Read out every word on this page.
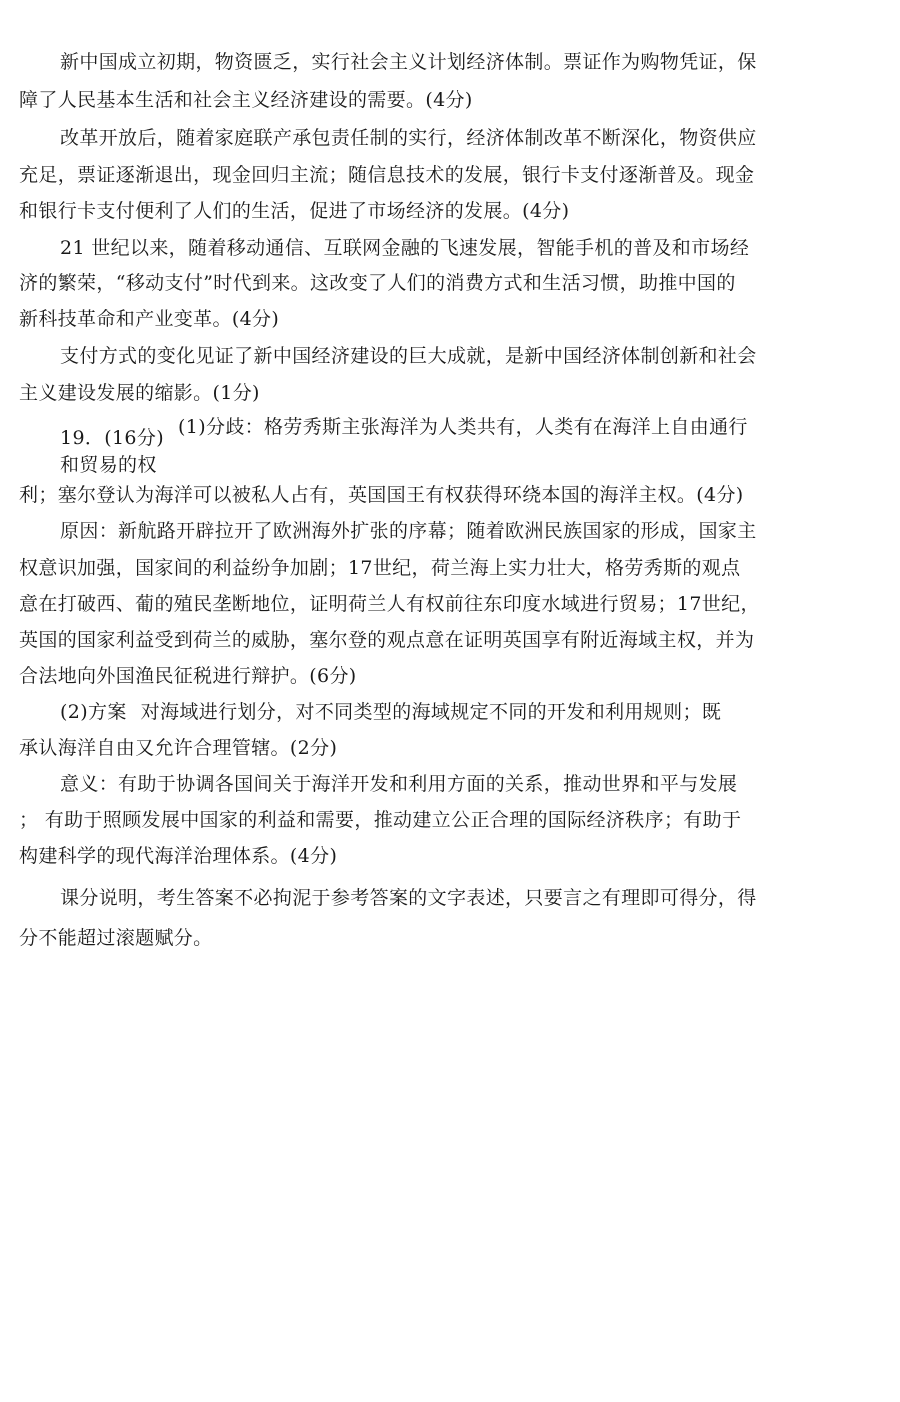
新中国成立初期，物资匮乏，实行社会主义计划经济体制。票证作为购物凭证，保
障了人民基本生活和社会主义经济建设的需要。(4分)
改革开放后，随着家庭联产承包责任制的实行，经济体制改革不断深化，物资供应
充足，票证逐渐退出，现金回归主流；随信息技术的发展，银行卡支付逐渐普及。现金
和银行卡支付便利了人们的生活，促进了市场经济的发展。(4分)
21 世纪以来，随着移动通信、互联网金融的飞速发展，智能手机的普及和市场经
济的繁荣，“移动支付”时代到来。这改变了人们的消费方式和生活习惯，助推中国的
新科技革命和产业变革。(4分)
支付方式的变化见证了新中国经济建设的巨大成就，是新中国经济体制创新和社会
主义建设发展的缩影。(1分)
19．(16分) (1)分歧：格劳秀斯主张海洋为人类共有，人类有在海洋上自由通行
和贸易的权
利；塞尔登认为海洋可以被私人占有，英国国王有权获得环绕本国的海洋主权。(4分)
原因：新航路开辟拉开了欧洲海外扩张的序幕；随着欧洲民族国家的形成，国家主
权意识加强，国家间的利益纷争加剧；17世纪，荷兰海上实力壮大，格劳秀斯的观点
意在打破西、葡的殖民垄断地位，证明荷兰人有权前往东印度水域进行贸易；17世纪，
英国的国家利益受到荷兰的威胁，塞尔登的观点意在证明英国享有附近海域主权，并为
合法地向外国渔民征税进行辩护。(6分)
(2)方案 对海域进行划分，对不同类型的海域规定不同的开发和利用规则；既
承认海洋自由又允许合理管辖。(2分)
意义：有助于协调各国间关于海洋开发和利用方面的关系，推动世界和平与发展
； 有助于照顾发展中国家的利益和需要，推动建立公正合理的国际经济秩序；有助于
构建科学的现代海洋治理体系。(4分)
课分说明，考生答案不必拘泥于参考答案的文字表述，只要言之有理即可得分，得
分不能超过滚题赋分。
